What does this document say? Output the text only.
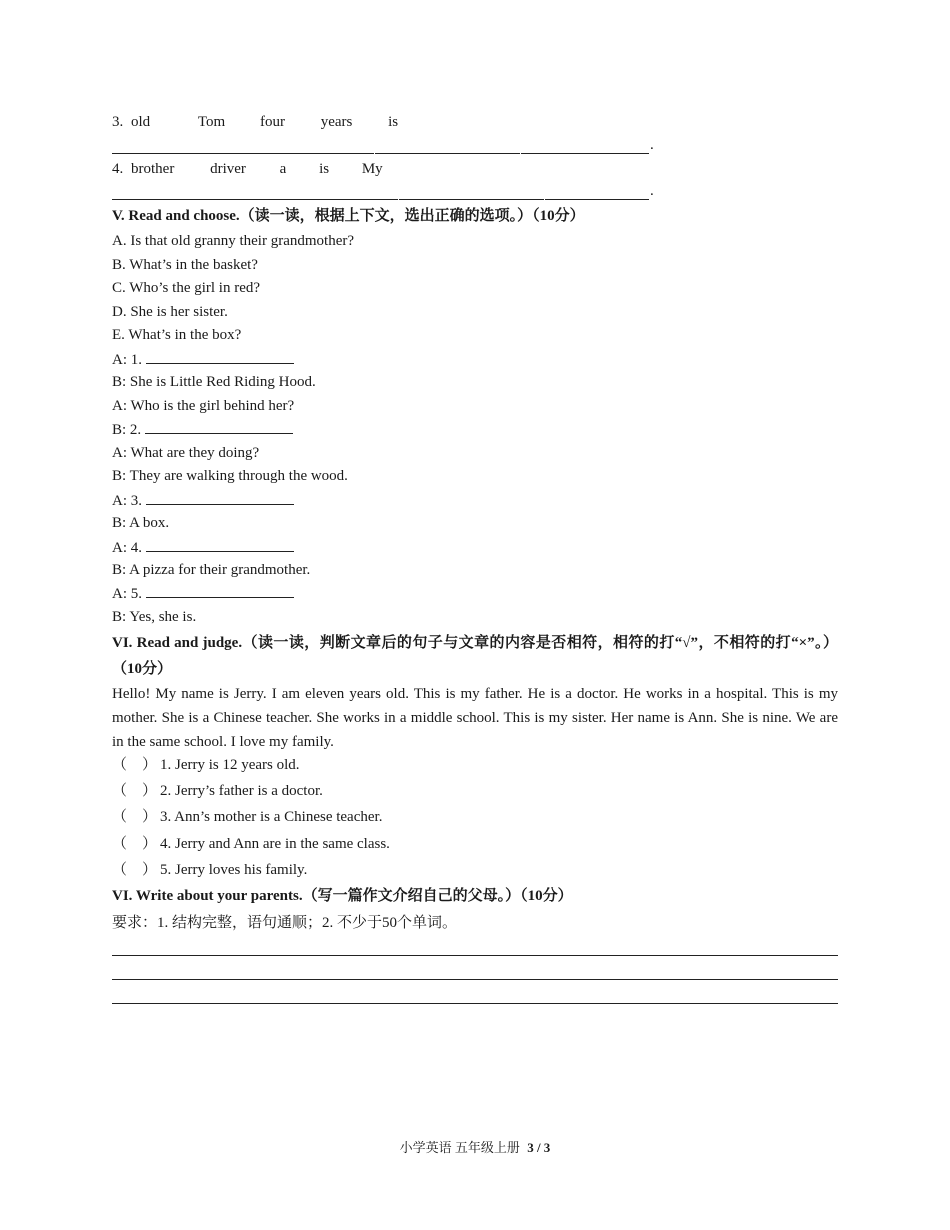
3. old	Tom four years is
.
4. brother driver a is My
.
V. Read and choose.（读一读，根据上下文，选出正确的选项。）（10分）
A. Is that old granny their grandmother?
B. What’s in the basket?
C. Who’s the girl in red?
D. She is her sister.
E. What’s in the box?
A: 1.
B: She is Little Red Riding Hood.
A: Who is the girl behind her?
B: 2.
A: What are they doing?
B: They are walking through the wood.
A: 3.
B: A box.
A: 4.
B: A pizza for their grandmother.
A: 5.
B: Yes, she is.
VI. Read and judge.（读一读，判断文章后的句子与文章的内容是否相符，相符的打“√”，不相符的打“×”。）（10分）
Hello! My name is Jerry. I am eleven years old. This is my father. He is a doctor. He works in a hospital. This is my mother. She is a Chinese teacher. She works in a middle school. This is my sister. Her name is Ann. She is nine. We are in the same school. I love my family.
（　） 1. Jerry is 12 years old.
（　） 2. Jerry’s father is a doctor.
（　） 3. Ann’s mother is a Chinese teacher.
（　） 4. Jerry and Ann are in the same class.
（　） 5. Jerry loves his family.
VI. Write about your parents.（写一篇作文介绍自己的父母。）（10分）
要求：1. 结构完整，语句通顺；2. 不少于50个单词。
小学英语 五年级上册 3 / 3
